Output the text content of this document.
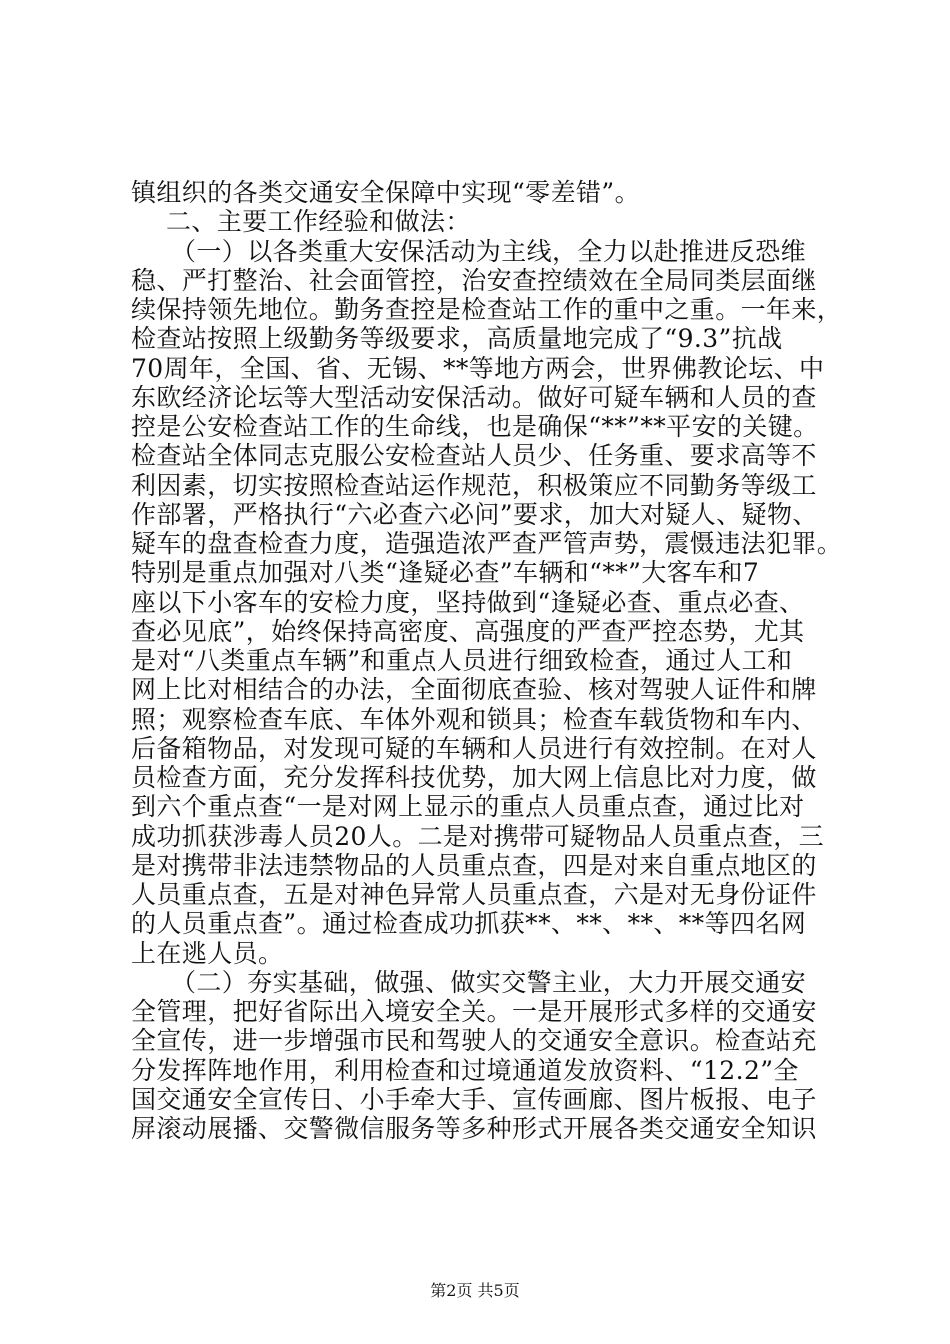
镇组织的各类交通安全保障中实现“零差错”。
二、主要工作经验和做法：
（一）以各类重大安保活动为主线，全力以赴推进反恐维
稳、严打整治、社会面管控，治安查控绩效在全局同类层面继
续保持领先地位。勤务查控是检查站工作的重中之重。一年来，
检查站按照上级勤务等级要求，高质量地完成了“9.3”抗战
70周年，全国、省、无锡、**等地方两会，世界佛教论坛、中
东欧经济论坛等大型活动安保活动。做好可疑车辆和人员的查
控是公安检查站工作的生命线，也是确保“**”**平安的关键。
检查站全体同志克服公安检查站人员少、任务重、要求高等不
利因素，切实按照检查站运作规范，积极策应不同勤务等级工
作部署，严格执行“六必查六必问”要求，加大对疑人、疑物、
疑车的盘查检查力度，造强造浓严查严管声势，震慑违法犯罪。
特别是重点加强对八类“逢疑必查”车辆和“**”大客车和7
座以下小客车的安检力度，坚持做到“逢疑必查、重点必查、
查必见底”，始终保持高密度、高强度的严查严控态势，尤其
是对“八类重点车辆”和重点人员进行细致检查，通过人工和
网上比对相结合的办法，全面彻底查验、核对驾驶人证件和牌
照；观察检查车底、车体外观和锁具；检查车载货物和车内、
后备箱物品，对发现可疑的车辆和人员进行有效控制。在对人
员检查方面，充分发挥科技优势，加大网上信息比对力度，做
到六个重点查“一是对网上显示的重点人员重点查，通过比对
成功抓获涉毒人员20人。二是对携带可疑物品人员重点查，三
是对携带非法违禁物品的人员重点查，四是对来自重点地区的
人员重点查，五是对神色异常人员重点查，六是对无身份证件
的人员重点查”。通过检查成功抓获**、**、**、**等四名网
上在逃人员。
（二）夯实基础，做强、做实交警主业，大力开展交通安
全管理，把好省际出入境安全关。一是开展形式多样的交通安
全宣传，进一步增强市民和驾驶人的交通安全意识。检查站充
分发挥阵地作用，利用检查和过境通道发放资料、“12.2”全
国交通安全宣传日、小手牵大手、宣传画廊、图片板报、电子
屏滚动展播、交警微信服务等多种形式开展各类交通安全知识
第2页 共5页
